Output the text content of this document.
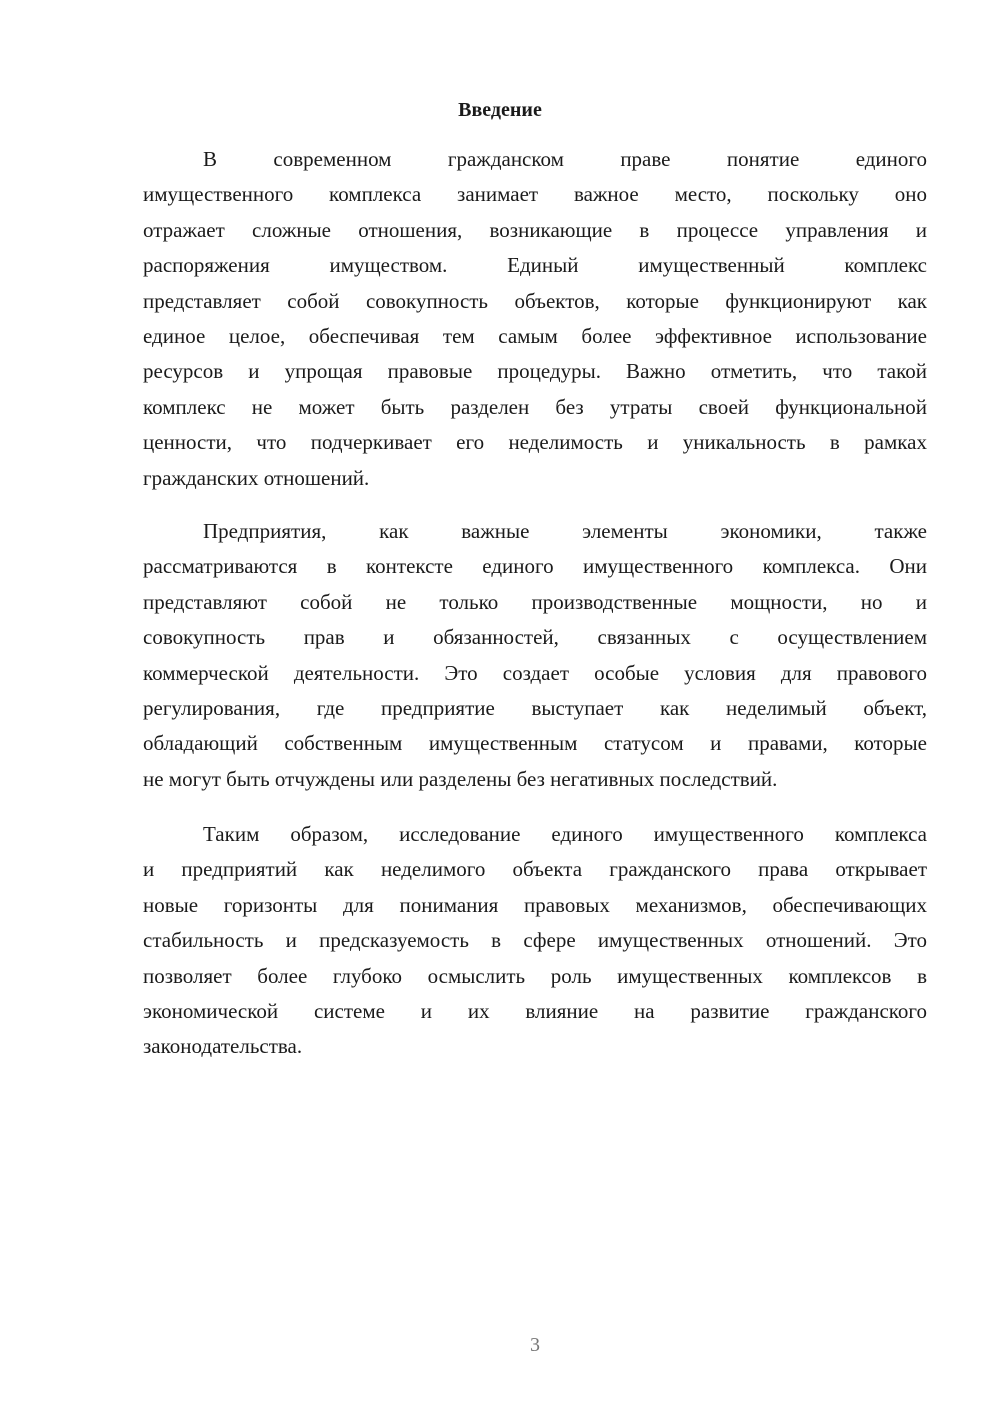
Введение
В современном гражданском праве понятие единого
имущественного комплекса занимает важное место, поскольку оно
отражает сложные отношения, возникающие в процессе управления и
распоряжения имуществом. Единый имущественный комплекс
представляет собой совокупность объектов, которые функционируют как
единое целое, обеспечивая тем самым более эффективное использование
ресурсов и упрощая правовые процедуры. Важно отметить, что такой
комплекс не может быть разделен без утраты своей функциональной
ценности, что подчеркивает его неделимость и уникальность в рамках
гражданских отношений.
Предприятия, как важные элементы экономики, также
рассматриваются в контексте единого имущественного комплекса. Они
представляют собой не только производственные мощности, но и
совокупность прав и обязанностей, связанных с осуществлением
коммерческой деятельности. Это создает особые условия для правового
регулирования, где предприятие выступает как неделимый объект,
обладающий собственным имущественным статусом и правами, которые
не могут быть отчуждены или разделены без негативных последствий.
Таким образом, исследование единого имущественного комплекса
и предприятий как неделимого объекта гражданского права открывает
новые горизонты для понимания правовых механизмов, обеспечивающих
стабильность и предсказуемость в сфере имущественных отношений. Это
позволяет более глубоко осмыслить роль имущественных комплексов в
экономической системе и их влияние на развитие гражданского
законодательства.
3
